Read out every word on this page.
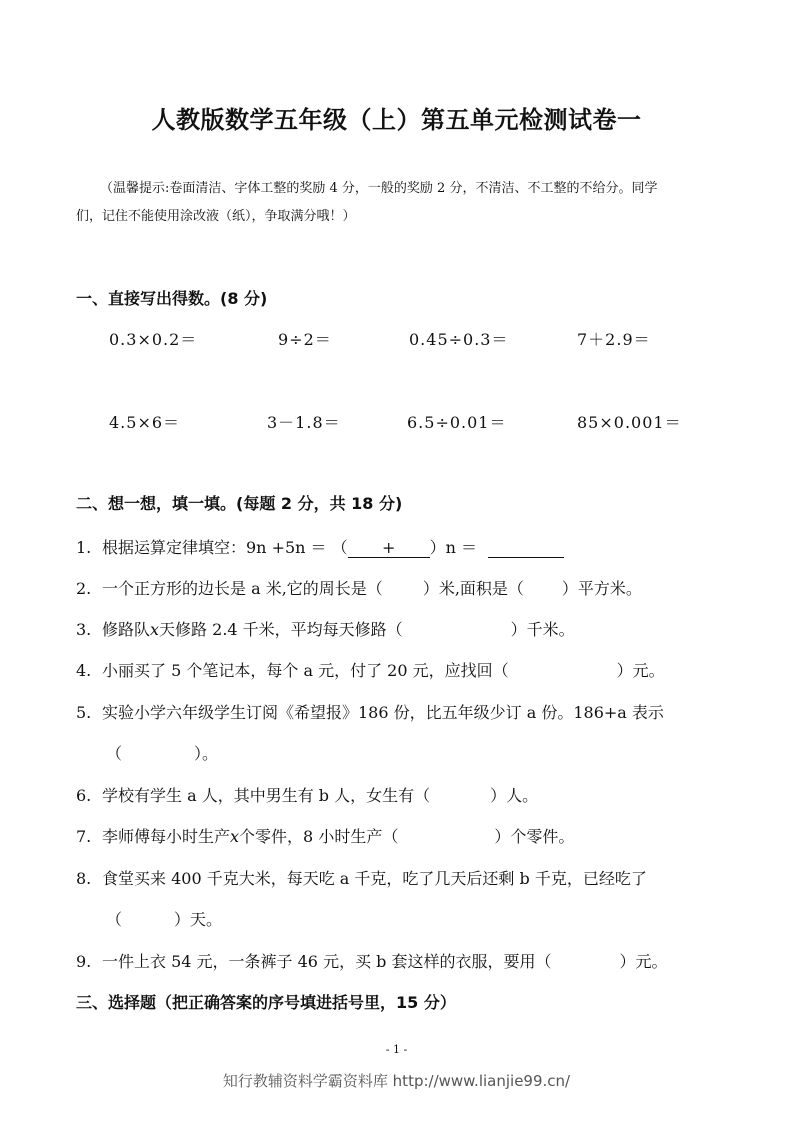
人教版数学五年级（上）第五单元检测试卷一
（温馨提示:卷面清洁、字体工整的奖励 4 分，一般的奖励 2 分，不清洁、不工整的不给分。同学
们，记住不能使用涂改液（纸），争取满分哦！）
一、直接写出得数。(8 分)
0.3×0.2＝	9÷2＝	0.45÷0.3＝	7＋2.9＝
4.5×6＝	3－1.8＝	6.5÷0.01＝	85×0.001＝
二、想一想，填一填。(每题 2 分，共 18 分)
1. 根据运算定律填空：9n +5n ＝ （ + ）n ＝
2. 一个正方形的边长是 a 米,它的周长是（	）米,面积是（ ）平方米。
3. 修路队x天修路 2.4 千米，平均每天修路（	）千米。
4. 小丽买了 5 个笔记本，每个 a 元，付了 20 元，应找回（	）元。
5. 实验小学六年级学生订阅《希望报》186 份，比五年级少订 a 份。186+a 表示
（	）。
6. 学校有学生 a 人，其中男生有 b 人，女生有（	）人。
7. 李师傅每小时生产x个零件，8 小时生产（	）个零件。
8. 食堂买来 400 千克大米，每天吃 a 千克，吃了几天后还剩 b 千克，已经吃了
（	）天。
9. 一件上衣 54 元，一条裤子 46 元，买 b 套这样的衣服，要用（	）元。
三、选择题（把正确答案的序号填进括号里，15 分）
- 1 -
知行教辅资料学霸资料库 http://www.lianjie99.cn/
